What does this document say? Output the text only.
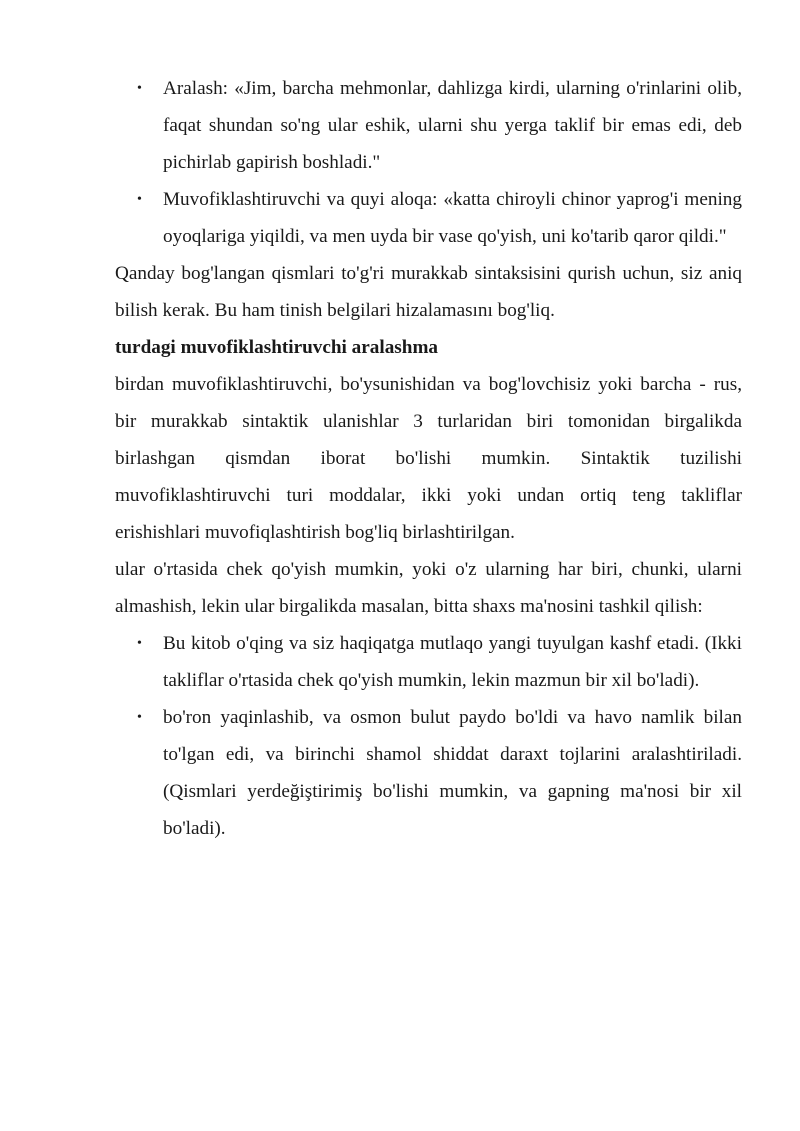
• Aralash: «Jim, barcha mehmonlar, dahlizga kirdi, ularning o'rinlarini olib, faqat shundan so'ng ular eshik, ularni shu yerga taklif bir emas edi, deb pichirlab gapirish boshladi."
• Muvofiklashtiruvchi va quyi aloqa: «katta chiroyli chinor yaprog'i mening oyoqlariga yiqildi, va men uyda bir vase qo'yish, uni ko'tarib qaror qildi."

Qanday bog'langan qismlari to'g'ri murakkab sintaksisini qurish uchun, siz aniq bilish kerak. Bu ham tinish belgilari hizalamasını bog'liq.

turdagi muvofiklashtiruvchi aralashma

birdan muvofiklashtiruvchi, bo'ysunishidan va bog'lovchisiz yoki barcha - rus, bir murakkab sintaktik ulanishlar 3 turlaridan biri tomonidan birgalikda birlashgan qismdan iborat bo'lishi mumkin. Sintaktik tuzilishi muvofiklashtiruvchi turi moddalar, ikki yoki undan ortiq teng takliflar erishishlari muvofiqlashtirish bog'liq birlashtirilgan.

ular o'rtasida chek qo'yish mumkin, yoki o'z ularning har biri, chunki, ularni almashish, lekin ular birgalikda masalan, bitta shaxs ma'nosini tashkil qilish:

• Bu kitob o'qing va siz haqiqatga mutlaqo yangi tuyulgan kashf etadi. (Ikki takliflar o'rtasida chek qo'yish mumkin, lekin mazmun bir xil bo'ladi).
• bo'ron yaqinlashib, va osmon bulut paydo bo'ldi va havo namlik bilan to'lgan edi, va birinchi shamol shiddat daraxt tojlarini aralashtiriladi. (Qismlari yerdeğiştirimiş bo'lishi mumkin, va gapning ma'nosi bir xil bo'ladi).
